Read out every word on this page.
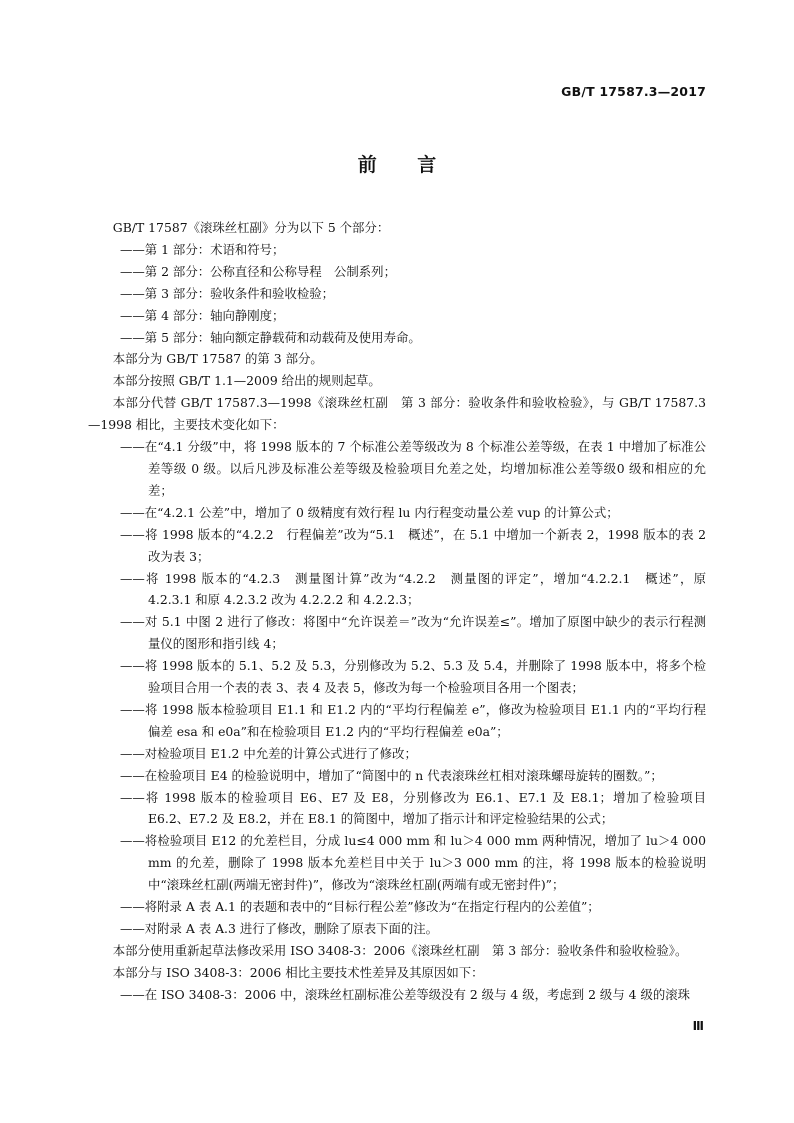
GB/T 17587.3—2017
前 言

GB/T 17587《滚珠丝杠副》分为以下 5 个部分：

——第 1 部分：术语和符号；

——第 2 部分：公称直径和公称导程　公制系列；

——第 3 部分：验收条件和验收检验；

——第 4 部分：轴向静刚度；

——第 5 部分：轴向额定静载荷和动载荷及使用寿命。

本部分为 GB/T 17587 的第 3 部分。

本部分按照 GB/T 1.1—2009 给出的规则起草。

本部分代替 GB/T 17587.3—1998《滚珠丝杠副　第 3 部分：验收条件和验收检验》，与 GB/T 17587.3—1998 相比，主要技术变化如下：

——在“4.1 分级”中，将 1998 版本的 7 个标准公差等级改为 8 个标准公差等级，在表 1 中增加了标准公差等级 0 级。以后凡涉及标准公差等级及检验项目允差之处，均增加标准公差等级0 级和相应的允差；

——在“4.2.1 公差”中，增加了 0 级精度有效行程 lu 内行程变动量公差 vup 的计算公式；

——将 1998 版本的“4.2.2　行程偏差”改为“5.1　概述”，在 5.1 中增加一个新表 2，1998 版本的表 2 改为表 3；

——将 1998 版本的“4.2.3　测量图计算”改为“4.2.2　测量图的评定”，增加“4.2.2.1　概述”，原 4.2.3.1 和原 4.2.3.2 改为 4.2.2.2 和 4.2.2.3；

——对 5.1 中图 2 进行了修改：将图中“允许误差＝”改为“允许误差≤”。增加了原图中缺少的表示行程测量仪的图形和指引线 4；

——将 1998 版本的 5.1、5.2 及 5.3，分别修改为 5.2、5.3 及 5.4，并删除了 1998 版本中，将多个检验项目合用一个表的表 3、表 4 及表 5，修改为每一个检验项目各用一个图表；

——将 1998 版本检验项目 E1.1 和 E1.2 内的“平均行程偏差 e”，修改为检验项目 E1.1 内的“平均行程偏差 esa 和 e0a”和在检验项目 E1.2 内的“平均行程偏差 e0a”；

——对检验项目 E1.2 中允差的计算公式进行了修改；

——在检验项目 E4 的检验说明中，增加了“简图中的 n 代表滚珠丝杠相对滚珠螺母旋转的圈数。”；

——将 1998 版本的检验项目 E6、E7 及 E8，分别修改为 E6.1、E7.1 及 E8.1；增加了检验项目 E6.2、E7.2 及 E8.2，并在 E8.1 的简图中，增加了指示计和评定检验结果的公式；

——将检验项目 E12 的允差栏目，分成 lu≤4 000 mm 和 lu＞4 000 mm 两种情况，增加了 lu＞4 000 mm 的允差，删除了 1998 版本允差栏目中关于 lu＞3 000 mm 的注，将 1998 版本的检验说明中“滚珠丝杠副(两端无密封件)”，修改为“滚珠丝杠副(两端有或无密封件)”；

——将附录 A 表 A.1 的表题和表中的“目标行程公差”修改为“在指定行程内的公差值”；

——对附录 A 表 A.3 进行了修改，删除了原表下面的注。

本部分使用重新起草法修改采用 ISO 3408-3：2006《滚珠丝杠副　第 3 部分：验收条件和验收检验》。

本部分与 ISO 3408-3：2006 相比主要技术性差异及其原因如下：

——在 ISO 3408-3：2006 中，滚珠丝杠副标准公差等级没有 2 级与 4 级，考虑到 2 级与 4 级的滚珠

Ⅲ
